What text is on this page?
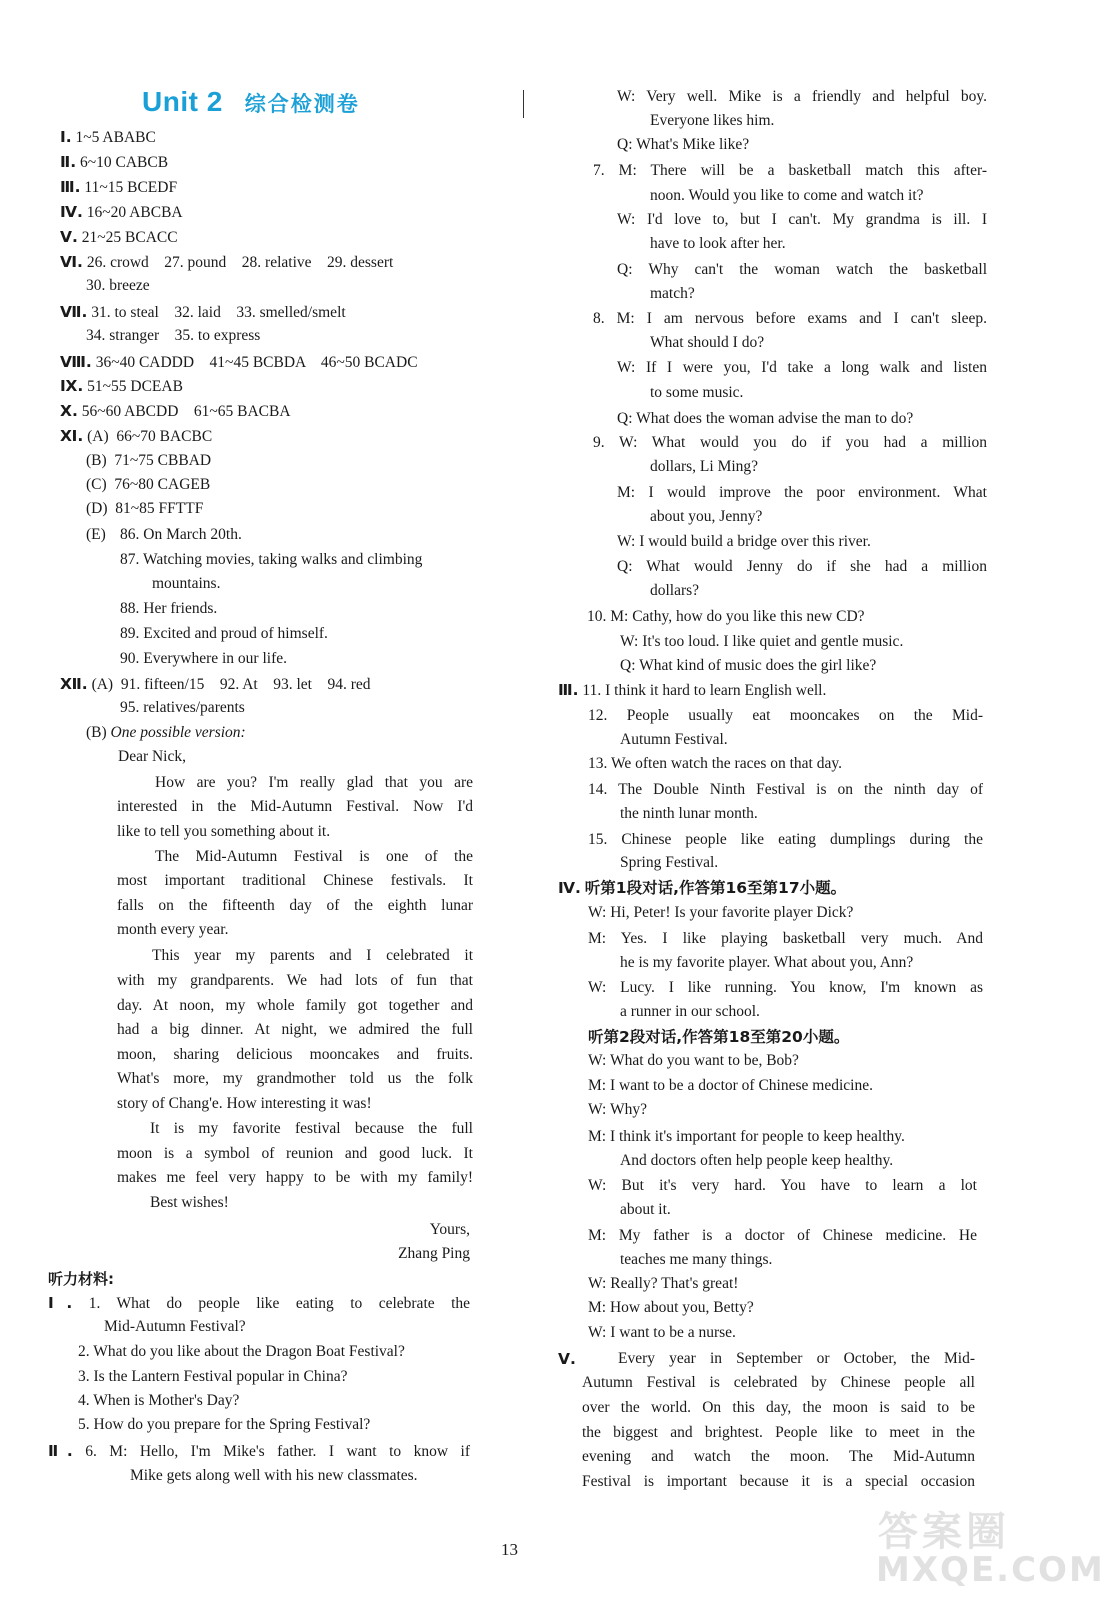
Unit 2 综合检测卷
Ⅰ. 1~5 ABABC
Ⅱ. 6~10 CABCB
Ⅲ. 11~15 BCEDF
Ⅳ. 16~20 ABCBA
Ⅴ. 21~25 BCACC
Ⅵ. 26. crowd    27. pound    28. relative    29. dessert
30. breeze
Ⅶ. 31. to steal    32. laid    33. smelled/smelt
34. stranger    35. to express
Ⅷ. 36~40 CADDD    41~45 BCBDA    46~50 BCADC
Ⅸ. 51~55 DCEAB
Ⅹ. 56~60 ABCDD    61~65 BACBA
Ⅺ. (A)  66~70 BACBC
(B)  71~75 CBBAD
(C)  76~80 CAGEB
(D)  81~85 FFTTF
(E) 86. On March 20th.
87. Watching movies, taking walks and climbing
mountains.
88. Her friends.
89. Excited and proud of himself.
90. Everywhere in our life.
Ⅻ. (A)  91. fifteen/15    92. At    93. let    94. red
95. relatives/parents
(B) One possible version:
Dear Nick,
How are you? I'm really glad that you are
interested in the Mid-Autumn Festival. Now I'd
like to tell you something about it.
The Mid-Autumn Festival is one of the
most important traditional Chinese festivals. It
falls on the fifteenth day of the eighth lunar
month every year.
This year my parents and I celebrated it
with my grandparents. We had lots of fun that
day. At noon, my whole family got together and
had a big dinner. At night, we admired the full
moon, sharing delicious mooncakes and fruits.
What's more, my grandmother told us the folk
story of Chang'e. How interesting it was!
It is my favorite festival because the full
moon is a symbol of reunion and good luck. It
makes me feel very happy to be with my family!
Best wishes!
Yours,
Zhang Ping
听力材料:
Ⅰ. 1. What do people like eating to celebrate the
Mid-Autumn Festival?
2. What do you like about the Dragon Boat Festival?
3. Is the Lantern Festival popular in China?
4. When is Mother's Day?
5. How do you prepare for the Spring Festival?
Ⅱ. 6. M: Hello, I'm Mike's father. I want to know if
Mike gets along well with his new classmates.
W: Very well. Mike is a friendly and helpful boy.
Everyone likes him.
Q: What's Mike like?
7. M: There will be a basketball match this after-
noon. Would you like to come and watch it?
W: I'd love to, but I can't. My grandma is ill. I
have to look after her.
Q: Why can't the woman watch the basketball
match?
8. M: I am nervous before exams and I can't sleep.
What should I do?
W: If I were you, I'd take a long walk and listen
to some music.
Q: What does the woman advise the man to do?
9. W: What would you do if you had a million
dollars, Li Ming?
M: I would improve the poor environment. What
about you, Jenny?
W: I would build a bridge over this river.
Q: What would Jenny do if she had a million
dollars?
10. M: Cathy, how do you like this new CD?
W: It's too loud. I like quiet and gentle music.
Q: What kind of music does the girl like?
Ⅲ. 11. I think it hard to learn English well.
12. People usually eat mooncakes on the Mid-
Autumn Festival.
13. We often watch the races on that day.
14. The Double Ninth Festival is on the ninth day of
the ninth lunar month.
15. Chinese people like eating dumplings during the
Spring Festival.
Ⅳ. 听第1段对话,作答第16至第17小题。
W: Hi, Peter! Is your favorite player Dick?
M: Yes. I like playing basketball very much. And
he is my favorite player. What about you, Ann?
W: Lucy. I like running. You know, I'm known as
a runner in our school.
听第2段对话,作答第18至第20小题。
W: What do you want to be, Bob?
M: I want to be a doctor of Chinese medicine.
W: Why?
M: I think it's important for people to keep healthy.
And doctors often help people keep healthy.
W: But it's very hard. You have to learn a lot
about it.
M: My father is a doctor of Chinese medicine. He
teaches me many things.
W: Really? That's great!
M: How about you, Betty?
W: I want to be a nurse.
Ⅴ.	Every year in September or October, the Mid-
Autumn Festival is celebrated by Chinese people all
over the world. On this day, the moon is said to be
the biggest and brightest. People like to meet in the
evening and watch the moon. The Mid-Autumn
Festival is important because it is a special occasion
13	答案圈
MXQE.COM
